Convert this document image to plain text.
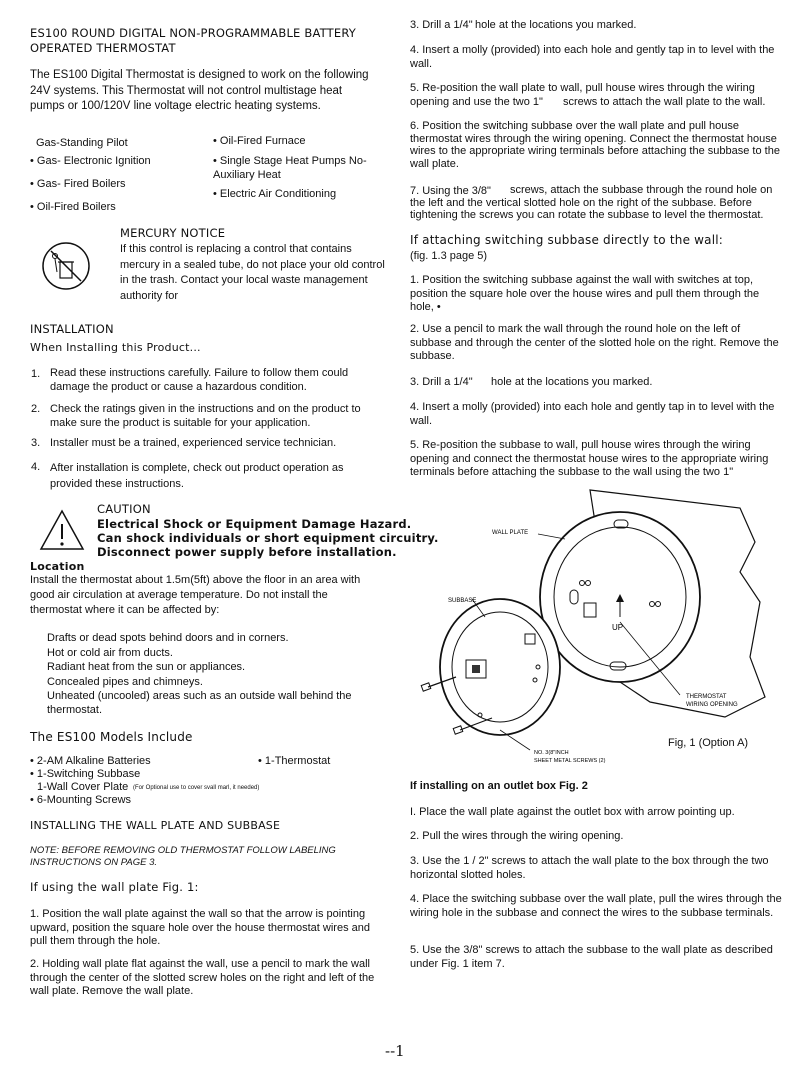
ES100 ROUND DIGITAL NON-PROGRAMMABLE BATTERY OPERATED THERMOSTAT
The ES100 Digital Thermostat is designed to work on the following 24V systems. This Thermostat will not control multistage heat pumps or 100/120V line voltage electric heating systems.
Gas-Standing Pilot
• Gas- Electronic Ignition
• Gas- Fired Boilers
• Oil-Fired Boilers
• Oil-Fired Furnace
• Single Stage Heat Pumps No-Auxiliary Heat
• Electric Air Conditioning
MERCURY NOTICE
If this control is replacing a control that contains mercury in a sealed tube, do not place your old control in the trash. Contact your local waste management authority for
INSTALLATION
When Installing this Product...
1. Read these instructions carefully. Failure to follow them could damage the product or cause a hazardous condition.
2. Check the ratings given in the instructions and on the product to make sure the product is suitable for your application.
3. Installer must be a trained, experienced service technician.
4. After installation is complete, check out product operation as provided these instructions.
CAUTION
Electrical Shock or Equipment Damage Hazard.
Can shock individuals or short equipment circuitry.
Disconnect power supply before installation.
Location
Install the thermostat about 1.5m(5ft) above the floor in an area with good air circulation at average temperature. Do not install the thermostat where it can be affected by:
Drafts or dead spots behind doors and in corners.
Hot or cold air from ducts.
Radiant heat from the sun or appliances.
Concealed pipes and chimneys.
Unheated (uncooled) areas such as an outside wall behind the thermostat.
The ES100 Models Include
• 2-AM Alkaline Batteries	• 1-Thermostat
• 1-Switching Subbase
1-Wall Cover Plate (For Optional use to cover svall marl, it needed)
• 6-Mounting Screws
INSTALLING THE WALL PLATE AND SUBBASE
NOTE: BEFORE REMOVING OLD THERMOSTAT FOLLOW LABELING INSTRUCTIONS ON PAGE 3.
If using the wall plate Fig. 1:
1. Position the wall plate against the wall so that the arrow is pointing upward, position the square hole over the house thermostat wires and pull them through the hole.
2. Holding wall plate flat against the wall, use a pencil to mark the wall through the center of the slotted screw holes on the right and left of the wall plate. Remove the wall plate.
3. Drill a 1/4" hole at the locations you marked.
4. Insert a molly (provided) into each hole and gently tap in to level with the wall.
5. Re-position the wall plate to wall, pull house wires through the wiring opening and use the two 1"	screws to attach the wall plate to the wall.
6. Position the switching subbase over the wall plate and pull house thermostat wires through the wiring opening. Connect the thermostat house wires to the appropriate wiring terminals before attaching the subbase to the wall plate.
7. Using the 3/8"	screws, attach the subbase through the round hole on the left and the vertical slotted hole on the right of the subbase. Before tightening the screws you can rotate the subbase to level the thermostat.
If attaching switching subbase directly to the wall:
(fig. 1.3 page 5)
1. Position the switching subbase against the wall with switches at top, position the square hole over the house wires and pull them through the hole, •
2. Use a pencil to mark the wall through the round hole on the left of subbase and through the center of the slotted hole on the right. Remove the subbase.
3. Drill a 1/4" hole at the locations you marked.
4. Insert a molly (provided) into each hole and gently tap in to level with the wall.
5. Re-position the subbase to wall, pull house wires through the wiring opening and connect the thermostat house wires to the appropriate wiring terminals before attaching the subbase to the wall using the two 1"
UP
WALL PLATE
SUBBASE
THERMOSTAT
WIRING OPENING
NO. 3(8"INCH
SHEET METAL SCREWS (2)
Fig, 1 (Option A)
If installing on an outlet box Fig. 2
I. Place the wall plate against the outlet box with arrow pointing up.
2. Pull the wires through the wiring opening.
3. Use the 1 / 2" screws to attach the wall plate to the box through the two horizontal slotted holes.
4. Place the switching subbase over the wall plate, pull the wires through the wiring hole in the subbase and connect the wires to the subbase terminals.
5. Use the 3/8" screws to attach the subbase to the wall plate as described under Fig. 1 item 7.
--1
